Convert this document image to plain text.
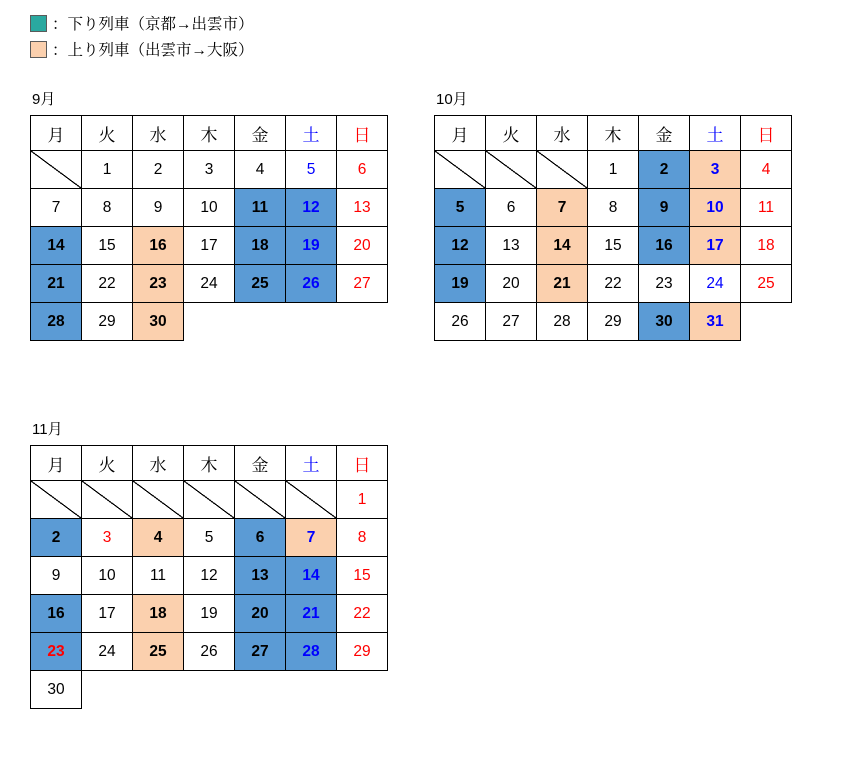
：下り列車（京都→出雲市）
：上り列車（出雲市→大阪）
9月
月	火	水	木	金	土	日
	1	2	3	4	5	6
7	8	9	10	11	12	13
14	15	16	17	18	19	20
21	22	23	24	25	26	27
28	29	30				
10月
月	火	水	木	金	土	日
			1	2	3	4
5	6	7	8	9	10	11
12	13	14	15	16	17	18
19	20	21	22	23	24	25
26	27	28	29	30	31	
11月
月	火	水	木	金	土	日
						1
2	3	4	5	6	7	8
9	10	11	12	13	14	15
16	17	18	19	20	21	22
23	24	25	26	27	28	29
30						
